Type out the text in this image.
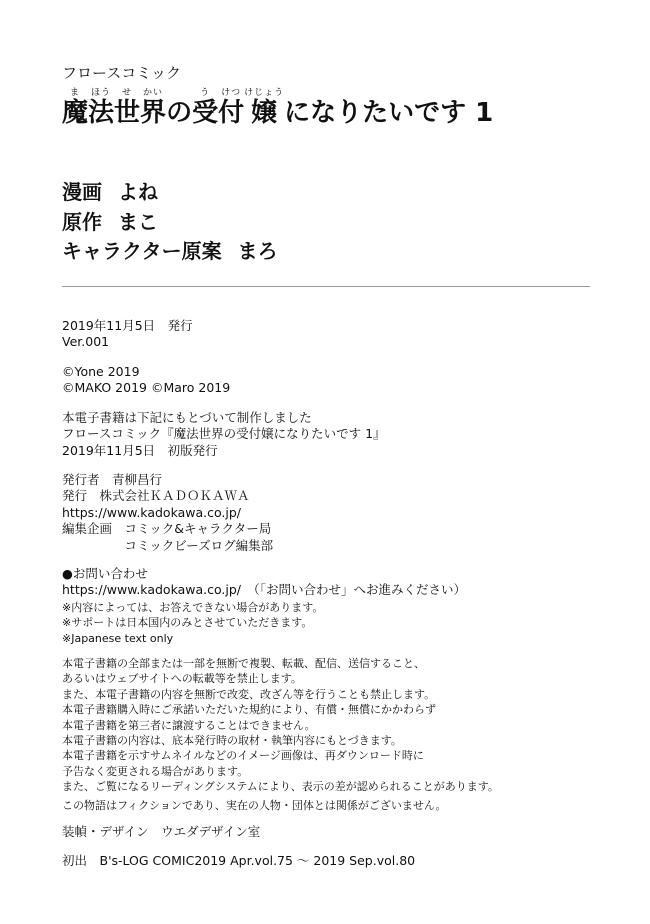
フロースコミック
ま
魔
ほう
法
せ
世
かい
界 の
う
受
けつ
付
けじょう
嬢 になりたいです 1
漫画 よね
原作 まこ
キャラクター原案 まろ
2019年11月5日　発行
Ver.001
©Yone 2019
©MAKO 2019 ©Maro 2019
本電子書籍は下記にもとづいて制作しました
フロースコミック『魔法世界の受付嬢になりたいです 1』
2019年11月5日　初版発行
発行者　青柳昌行
発行　株式会社ＫＡＤＯＫＡＷＡ
https://www.kadokawa.co.jp/
編集企画　コミック&キャラクター局
　　　　　コミックビーズログ編集部
●お問い合わせ
https://www.kadokawa.co.jp/　（「お問い合わせ」へお進みください）
※内容によっては、お答えできない場合があります。
※サポートは日本国内のみとさせていただきます。
※Japanese text only
本電子書籍の全部または一部を無断で複製、転載、配信、送信すること、
あるいはウェブサイトへの転載等を禁止します。
また、本電子書籍の内容を無断で改変、改ざん等を行うことも禁止します。
本電子書籍購入時にご承諾いただいた規約により、有償・無償にかかわらず
本電子書籍を第三者に譲渡することはできません。
本電子書籍の内容は、底本発行時の取材・執筆内容にもとづきます。
本電子書籍を示すサムネイルなどのイメージ画像は、再ダウンロード時に
予告なく変更される場合があります。
また、ご覧になるリーディングシステムにより、表示の差が認められることがあります。
この物語はフィクションであり、実在の人物・団体とは関係がございません。
装幀・デザイン　ウエダデザイン室
初出　B's-LOG COMIC2019 Apr.vol.75 ～ 2019 Sep.vol.80
